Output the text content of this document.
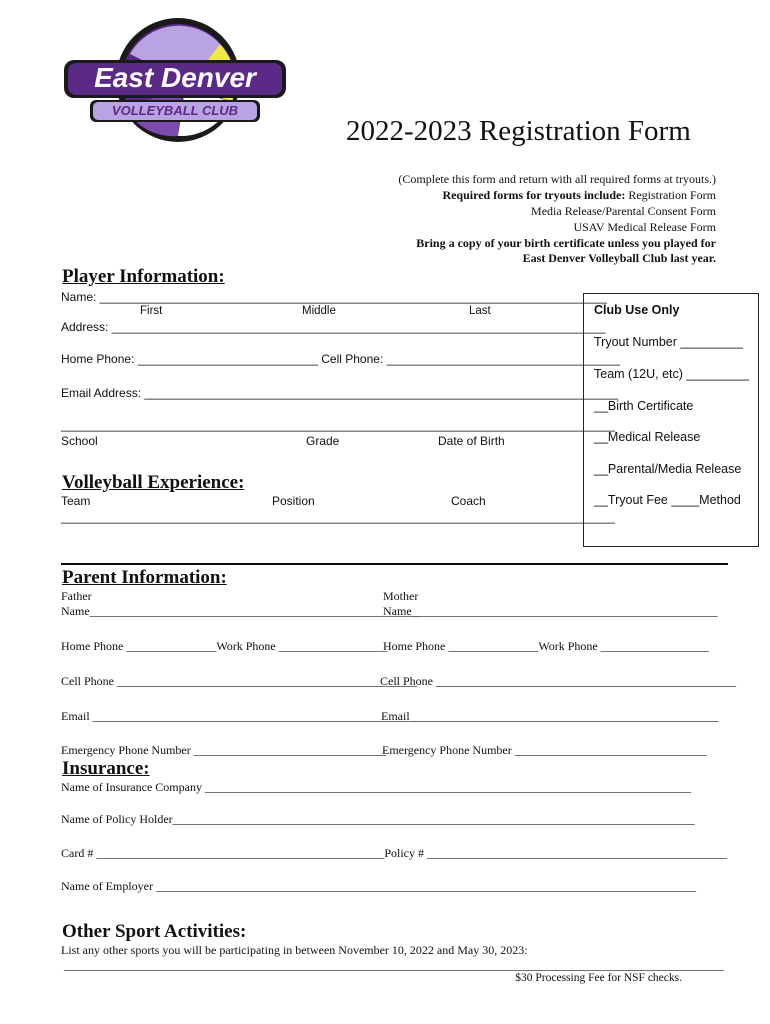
East Denver
VOLLEYBALL CLUB
2022-2023 Registration Form
(Complete this form and return with all required forms at tryouts.)
Required forms for tryouts include: Registration Form
Media Release/Parental Consent Form
USAV Medical Release Form
Bring a copy of your birth certificate unless you played for
East Denver Volleyball Club last year.
Player Information:
Name: ____________________________________________________________________________
First	Middle	Last
Address: __________________________________________________________________________
Home Phone: ___________________________ Cell Phone: ___________________________________
Email Address: _______________________________________________________________________
___________________________________________________________________________________
School	Grade	Date of Birth
Volleyball Experience:
Team	Position	Coach
___________________________________________________________________________________
Club Use Only
Tryout Number _________
Team (12U, etc) _________
__Birth Certificate
__Medical Release
__Parental/Media Release
__Tryout Fee ____Method
Parent Information:
Father	Mother
Name_______________________________________________________
Name___________________________________________________
Home Phone _______________Work Phone __________________
Home Phone _______________Work Phone __________________
Cell Phone __________________________________________________
Cell Phone __________________________________________________
Email ______________________________________________________
Email ___________________________________________________
Emergency Phone Number ________________________________
Emergency Phone Number ________________________________
Insurance:
Name of Insurance Company _________________________________________________________________________________
Name of Policy Holder_______________________________________________________________________________________
Card # ________________________________________________Policy # __________________________________________________
Name of Employer __________________________________________________________________________________________
Other Sport Activities:
List any other sports you will be participating in between November 10, 2022 and May 30, 2023:
______________________________________________________________________________________________________________
$30 Processing Fee for NSF checks.
